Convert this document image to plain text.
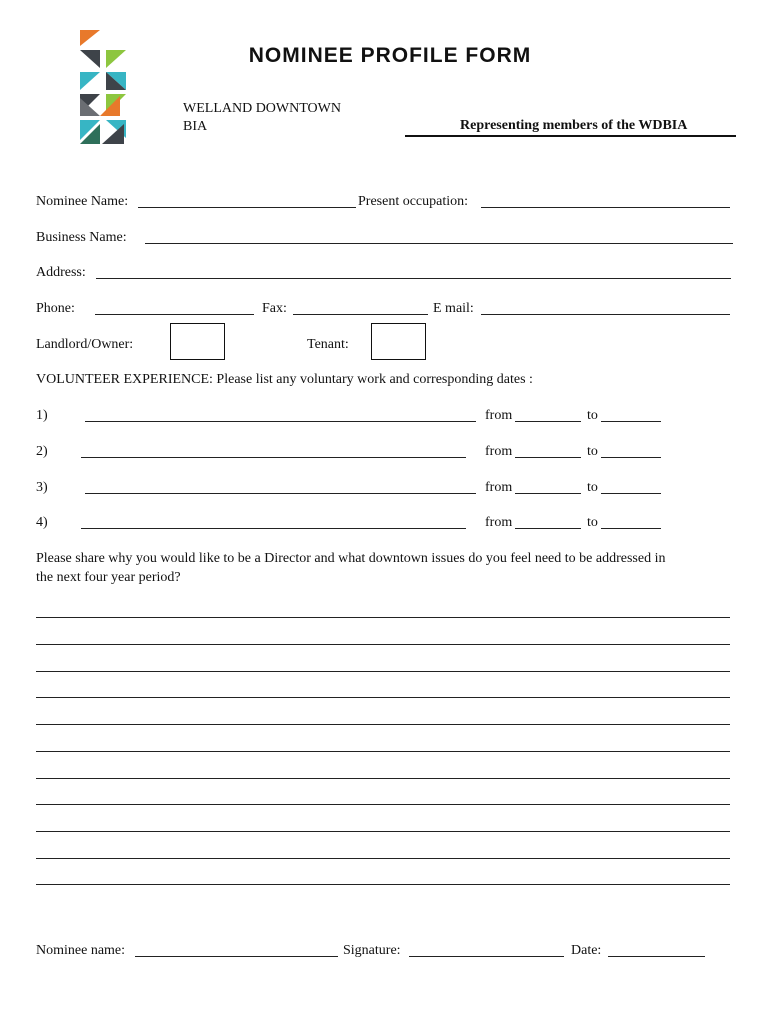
NOMINEE PROFILE FORM
WELLAND DOWNTOWN
BIA	Representing members of the WDBIA
Nominee Name:	Present occupation:
Business Name:
Address:
Phone:	Fax:	E mail:
Landlord/Owner:	Tenant:
VOLUNTEER EXPERIENCE: Please list any voluntary work and corresponding dates :
1)	from	to
2)	from	to
3)	from	to
4)	from	to
Please share why you would like to be a Director and what downtown issues do you feel need to be addressed in
the next four year period?
Nominee name:	Signature:	Date:
